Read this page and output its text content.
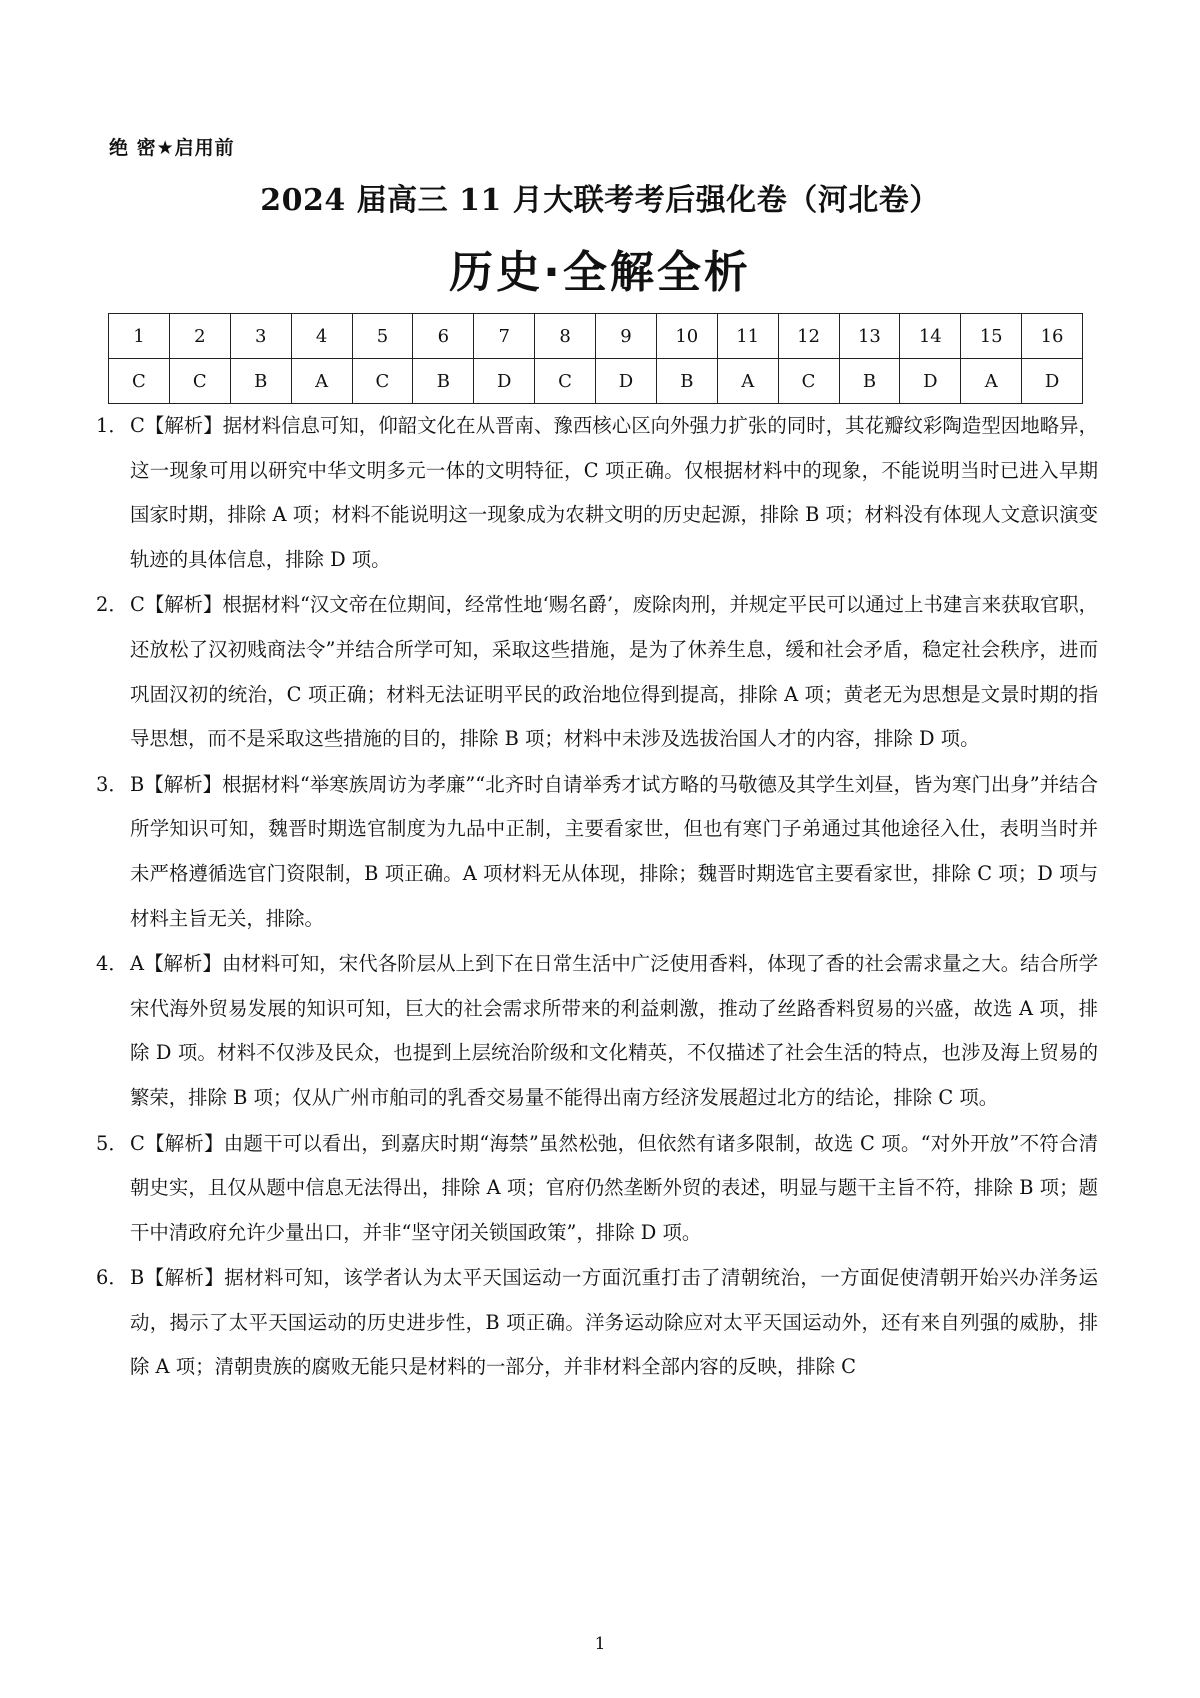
绝 密★启用前
2024 届高三 11 月大联考考后强化卷（河北卷）
历史·全解全析
1	2	3	4	5	6	7	8	9	10	11	12	13	14	15	16
C	C	B	A	C	B	D	C	D	B	A	C	B	D	A	D
1． C【解析】据材料信息可知，仰韶文化在从晋南、豫西核心区向外强力扩张的同时，其花瓣纹彩陶造型因地略异，这一现象可用以研究中华文明多元一体的文明特征，C 项正确。仅根据材料中的现象，不能说明当时已进入早期国家时期，排除 A 项；材料不能说明这一现象成为农耕文明的历史起源，排除 B 项；材料没有体现人文意识演变轨迹的具体信息，排除 D 项。
2． C【解析】根据材料“汉文帝在位期间，经常性地‘赐名爵’，废除肉刑，并规定平民可以通过上书建言来获取官职，还放松了汉初贱商法令”并结合所学可知，采取这些措施，是为了休养生息，缓和社会矛盾，稳定社会秩序，进而巩固汉初的统治，C 项正确；材料无法证明平民的政治地位得到提高，排除 A 项；黄老无为思想是文景时期的指导思想，而不是采取这些措施的目的，排除 B 项；材料中未涉及选拔治国人才的内容，排除 D 项。
3． B【解析】根据材料“举寒族周访为孝廉”“北齐时自请举秀才试方略的马敬德及其学生刘昼，皆为寒门出身”并结合所学知识可知，魏晋时期选官制度为九品中正制，主要看家世，但也有寒门子弟通过其他途径入仕，表明当时并未严格遵循选官门资限制，B 项正确。A 项材料无从体现，排除；魏晋时期选官主要看家世，排除 C 项；D 项与材料主旨无关，排除。
4． A【解析】由材料可知，宋代各阶层从上到下在日常生活中广泛使用香料，体现了香的社会需求量之大。结合所学宋代海外贸易发展的知识可知，巨大的社会需求所带来的利益刺激，推动了丝路香料贸易的兴盛，故选 A 项，排除 D 项。材料不仅涉及民众，也提到上层统治阶级和文化精英，不仅描述了社会生活的特点，也涉及海上贸易的繁荣，排除 B 项；仅从广州市舶司的乳香交易量不能得出南方经济发展超过北方的结论，排除 C 项。
5． C【解析】由题干可以看出，到嘉庆时期“海禁”虽然松弛，但依然有诸多限制，故选 C 项。“对外开放”不符合清朝史实，且仅从题中信息无法得出，排除 A 项；官府仍然垄断外贸的表述，明显与题干主旨不符，排除 B 项；题干中清政府允许少量出口，并非“坚守闭关锁国政策”，排除 D 项。
6． B【解析】据材料可知，该学者认为太平天国运动一方面沉重打击了清朝统治，一方面促使清朝开始兴办洋务运动，揭示了太平天国运动的历史进步性，B 项正确。洋务运动除应对太平天国运动外，还有来自列强的威胁，排除 A 项；清朝贵族的腐败无能只是材料的一部分，并非材料全部内容的反映，排除 C
1
